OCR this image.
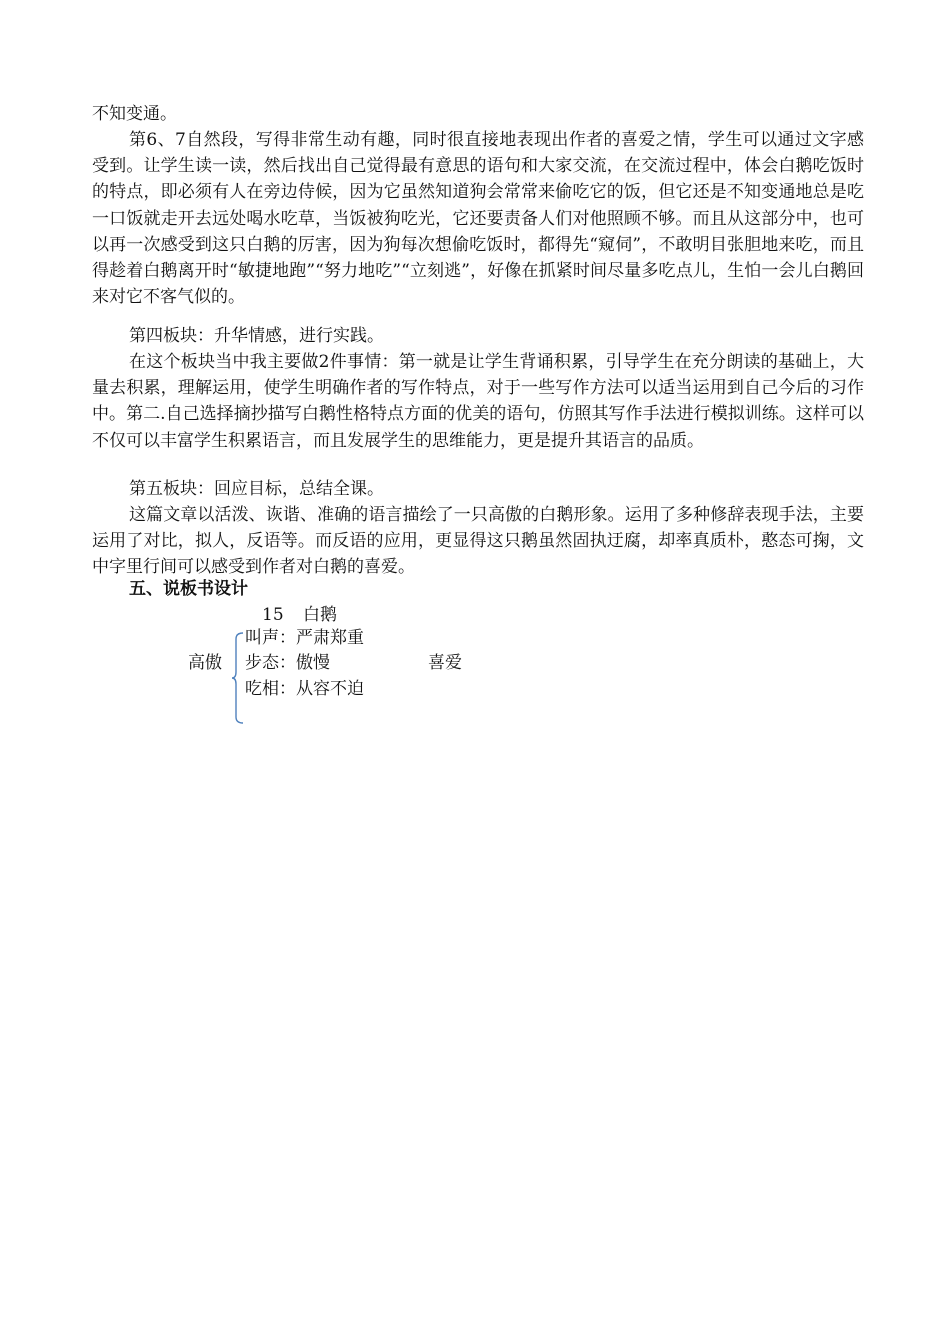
不知变通。

第6、7自然段，写得非常生动有趣，同时很直接地表现出作者的喜爱之情，学生可以通过文字感受到。让学生读一读，然后找出自己觉得最有意思的语句和大家交流，在交流过程中，体会白鹅吃饭时的特点，即必须有人在旁边侍候，因为它虽然知道狗会常常来偷吃它的饭，但它还是不知变通地总是吃一口饭就走开去远处喝水吃草，当饭被狗吃光，它还要责备人们对他照顾不够。而且从这部分中，也可以再一次感受到这只白鹅的厉害，因为狗每次想偷吃饭时，都得先“窥伺”，不敢明目张胆地来吃，而且得趁着白鹅离开时“敏捷地跑”“努力地吃”“立刻逃”，好像在抓紧时间尽量多吃点儿，生怕一会儿白鹅回来对它不客气似的。

第四板块：升华情感，进行实践。

在这个板块当中我主要做2件事情：第一就是让学生背诵积累，引导学生在充分朗读的基础上，大量去积累，理解运用，使学生明确作者的写作特点，对于一些写作方法可以适当运用到自己今后的习作中。第二.自己选择摘抄描写白鹅性格特点方面的优美的语句，仿照其写作手法进行模拟训练。这样可以不仅可以丰富学生积累语言，而且发展学生的思维能力，更是提升其语言的品质。

第五板块：回应目标，总结全课。

这篇文章以活泼、诙谐、准确的语言描绘了一只高傲的白鹅形象。运用了多种修辞表现手法，主要运用了对比，拟人，反语等。而反语的应用，更显得这只鹅虽然固执迂腐，却率真质朴，憨态可掬，文中字里行间可以感受到作者对白鹅的喜爱。

五、说板书设计

15 白鹅
高傲
叫声：严肃郑重
步态：傲慢
吃相：从容不迫
喜爱
